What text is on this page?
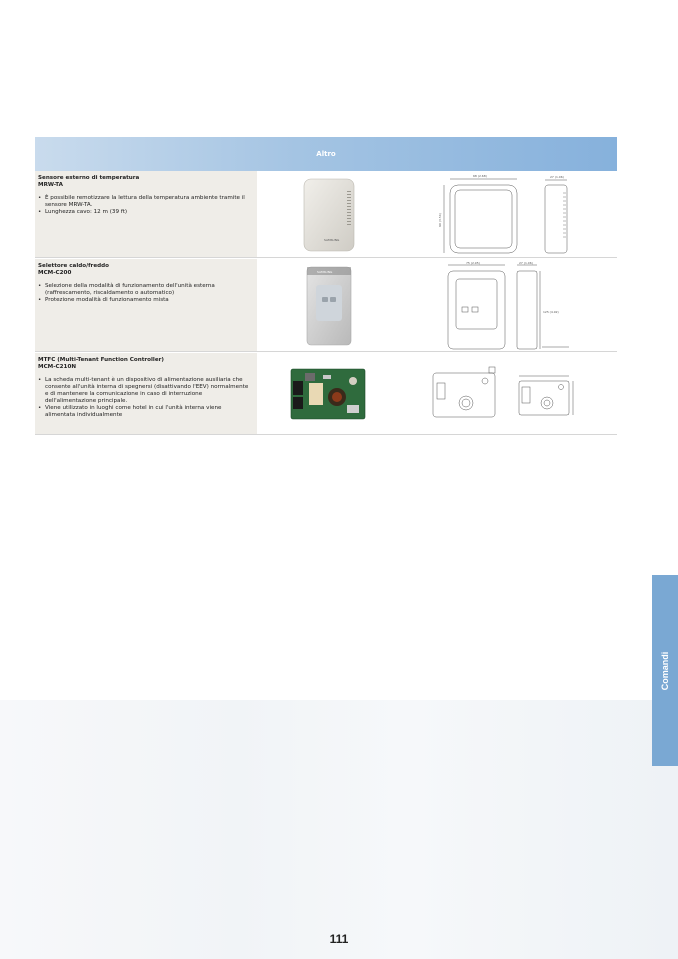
Altro
Sensore esterno di temperatura
MRW-TA
• È possibile remotizzare la lettura della temperatura ambiente tramite il sensore MRW-TA.
• Lunghezza cavo: 12 m (39 ft)
SAMSUNG
68 (2.68)
90 (3.54)
27 (1.06)
Selettore caldo/freddo
MCM-C200
• Selezione della modalità di funzionamento dell'unità esterna (raffrescamento, riscaldamento o automatico)
• Protezione modalità di funzionamento mista
SAMSUNG
75 (2.95)	27 (1.06)
125 (4.92)
MTFC (Multi-Tenant Function Controller)
MCM-C210N
• La scheda multi-tenant è un dispositivo di alimentazione ausiliaria che consente all'unità interna di spegnersi (disattivando l'EEV) normalmente e di mantenere la comunicazione in caso di interruzione dell'alimentazione principale.
• Viene utilizzato in luoghi come hotel in cui l'unità interna viene alimentata individualmente
Comandi
111
